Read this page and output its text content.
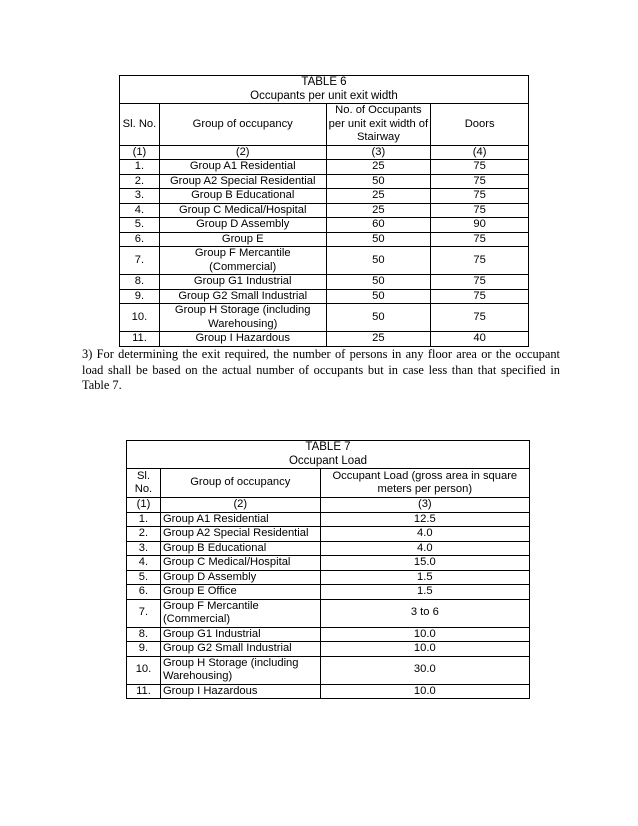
TABLE 6
Occupants per unit exit width			

Sl. No.	Group of occupancy	No. of Occupants per unit exit width of Stairway	Doors
(1)	(2)	(3)	(4)
1.	Group A1 Residential	25	75
2.	Group A2 Special Residential	50	75
3.	Group B Educational	25	75
4.	Group C Medical/Hospital	25	75
5.	Group D Assembly	60	90
6.	Group E	50	75
7.	Group F Mercantile (Commercial)	50	75
8.	Group G1 Industrial	50	75
9.	Group G2 Small Industrial	50	75
10.	Group H Storage (including Warehousing)	50	75
11.	Group I Hazardous	25	40

3) For determining the exit required, the number of persons in any floor area or the occupant load shall be based on the actual number of occupants but in case less than that specified in Table 7.

TABLE 7
Occupant Load		

Sl. No.	Group of occupancy	Occupant Load (gross area in square meters per person)
(1)	(2)	(3)
1.	Group A1 Residential	12.5
2.	Group A2 Special Residential	4.0
3.	Group B Educational	4.0
4.	Group C Medical/Hospital	15.0
5.	Group D Assembly	1.5
6.	Group E Office	1.5
7.	Group F Mercantile (Commercial)	3 to 6
8.	Group G1 Industrial	10.0
9.	Group G2 Small Industrial	10.0
10.	Group H Storage (including Warehousing)	30.0
11.	Group I Hazardous	10.0
